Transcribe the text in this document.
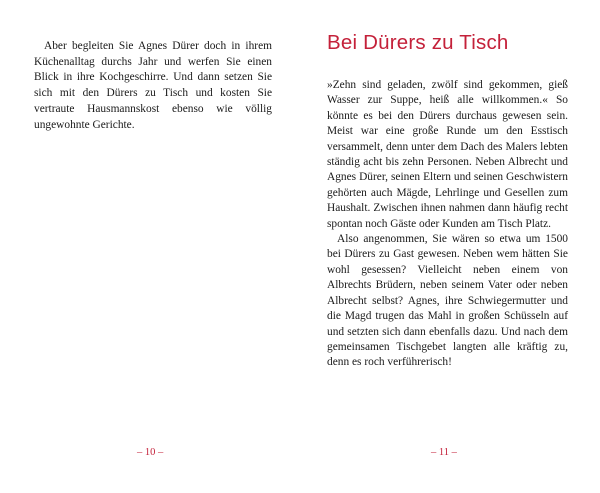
Aber begleiten Sie Agnes Dürer doch in ihrem Küchenalltag durchs Jahr und werfen Sie einen Blick in ihre Kochgeschirre. Und dann setzen Sie sich mit den Dürers zu Tisch und kosten Sie vertraute Hausmannskost ebenso wie völlig ungewohnte Gerichte.

– 10 –
Bei Dürers zu Tisch

»Zehn sind geladen, zwölf sind gekommen, gieß Wasser zur Suppe, heiß alle willkommen.« So könnte es bei den Dürers durchaus gewesen sein. Meist war eine große Runde um den Esstisch versammelt, denn unter dem Dach des Malers lebten ständig acht bis zehn Personen. Neben Albrecht und Agnes Dürer, seinen Eltern und seinen Geschwistern gehörten auch Mägde, Lehrlinge und Gesellen zum Haushalt. Zwischen ihnen nahmen dann häufig recht spontan noch Gäste oder Kunden am Tisch Platz.

Also angenommen, Sie wären so etwa um 1500 bei Dürers zu Gast gewesen. Neben wem hätten Sie wohl gesessen? Vielleicht neben einem von Albrechts Brüdern, neben seinem Vater oder neben Albrecht selbst? Agnes, ihre Schwiegermutter und die Magd trugen das Mahl in großen Schüsseln auf und setzten sich dann ebenfalls dazu. Und nach dem gemeinsamen Tischgebet langten alle kräftig zu, denn es roch verführerisch!

– 11 –
